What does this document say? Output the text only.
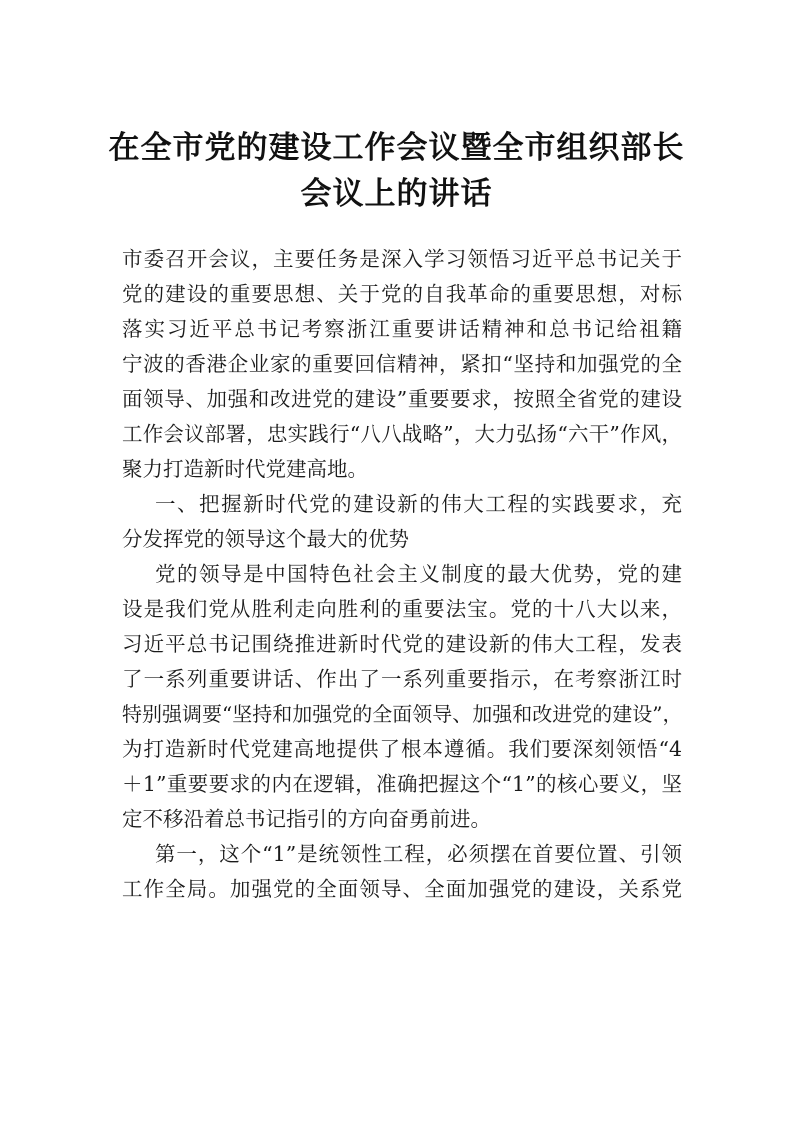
在全市党的建设工作会议暨全市组织部长
会议上的讲话
市委召开会议，主要任务是深入学习领悟习近平总书记关于
党的建设的重要思想、关于党的自我革命的重要思想，对标
落实习近平总书记考察浙江重要讲话精神和总书记给祖籍
宁波的香港企业家的重要回信精神，紧扣“坚持和加强党的全
面领导、加强和改进党的建设”重要要求，按照全省党的建设
工作会议部署，忠实践行“八八战略”，大力弘扬“六干”作风，
聚力打造新时代党建高地。
一、把握新时代党的建设新的伟大工程的实践要求，充
分发挥党的领导这个最大的优势
党的领导是中国特色社会主义制度的最大优势，党的建
设是我们党从胜利走向胜利的重要法宝。党的十八大以来，
习近平总书记围绕推进新时代党的建设新的伟大工程，发表
了一系列重要讲话、作出了一系列重要指示，在考察浙江时
特别强调要“坚持和加强党的全面领导、加强和改进党的建设”，
为打造新时代党建高地提供了根本遵循。我们要深刻领悟“4
＋1”重要要求的内在逻辑，准确把握这个“1”的核心要义，坚
定不移沿着总书记指引的方向奋勇前进。
第一，这个“1”是统领性工程，必须摆在首要位置、引领
工作全局。加强党的全面领导、全面加强党的建设，关系党
